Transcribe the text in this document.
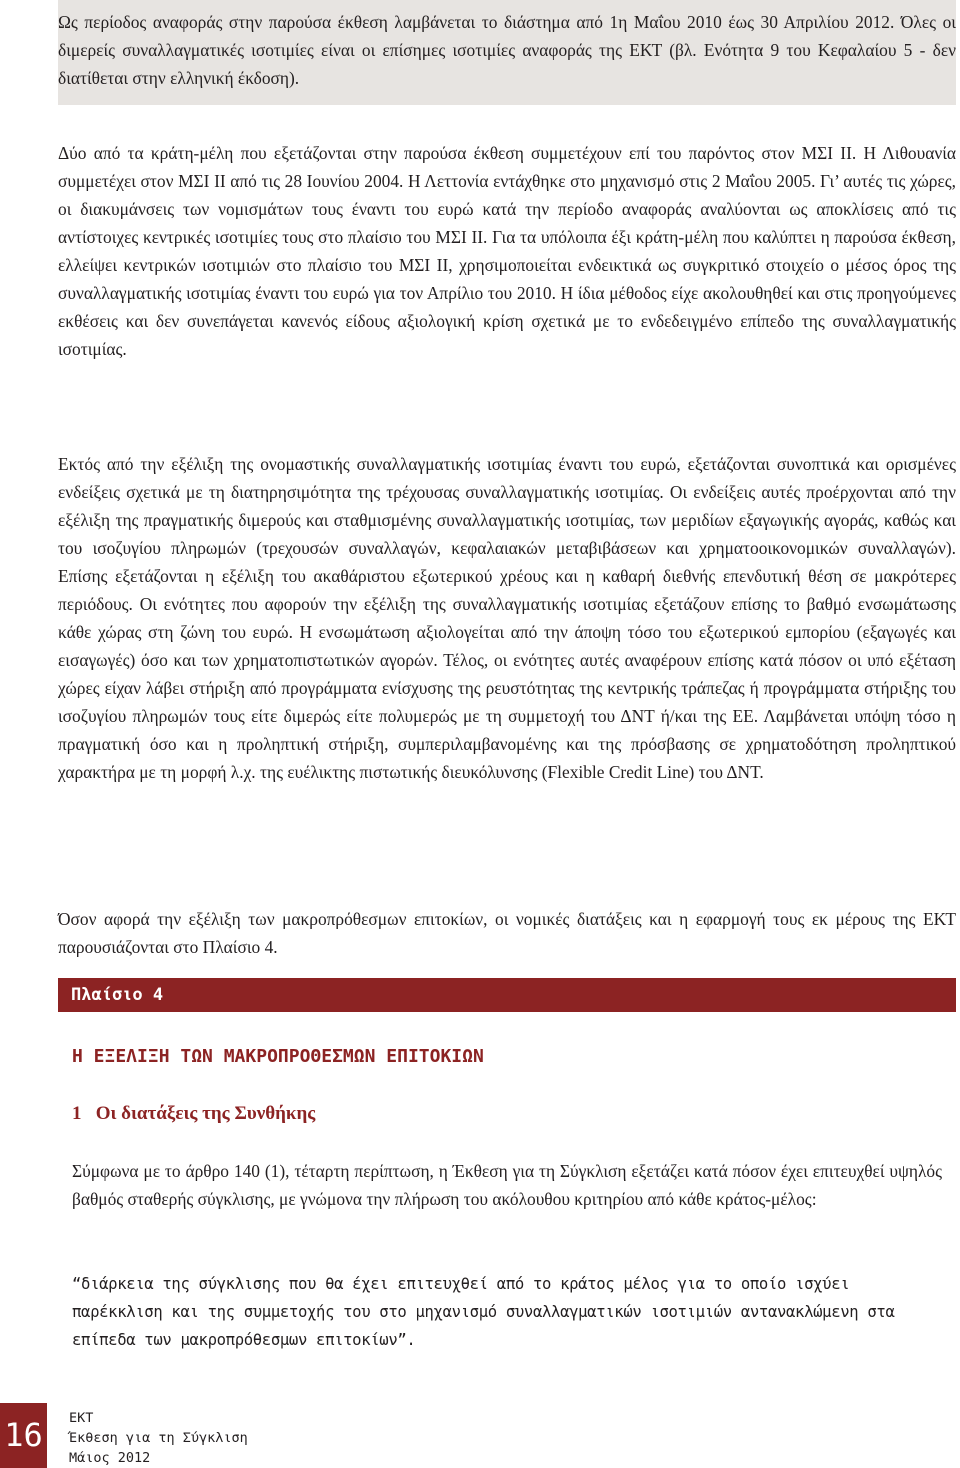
Ως περίοδος αναφοράς στην παρούσα έκθεση λαμβάνεται το διάστημα από 1η Μαΐου 2010 έως 30 Απριλίου 2012. Όλες οι διμερείς συναλλαγματικές ισοτιμίες είναι οι επίσημες ισοτιμίες αναφοράς της ΕΚΤ (βλ. Ενότητα 9 του Κεφαλαίου 5 - δεν διατίθεται στην ελληνική έκδοση).

Δύο από τα κράτη-μέλη που εξετάζονται στην παρούσα έκθεση συμμετέχουν επί του παρόντος στον ΜΣΙ ΙΙ. Η Λιθουανία συμμετέχει στον ΜΣΙ ΙΙ από τις 28 Ιουνίου 2004. Η Λεττονία εντάχθηκε στο μηχανισμό στις 2 Μαΐου 2005. Γι’ αυτές τις χώρες, οι διακυμάνσεις των νομισμάτων τους έναντι του ευρώ κατά την περίοδο αναφοράς αναλύονται ως αποκλίσεις από τις αντίστοιχες κεντρικές ισοτιμίες τους στο πλαίσιο του ΜΣΙ ΙΙ. Για τα υπόλοιπα έξι κράτη-μέλη που καλύπτει η παρούσα έκθεση, ελλείψει κεντρικών ισοτιμιών στο πλαίσιο του ΜΣΙ ΙΙ, χρησιμοποιείται ενδεικτικά ως συγκριτικό στοιχείο ο μέσος όρος της συναλλαγματικής ισοτιμίας έναντι του ευρώ για τον Απρίλιο του 2010. Η ίδια μέθοδος είχε ακολουθηθεί και στις προηγούμενες εκθέσεις και δεν συνεπάγεται κανενός είδους αξιολογική κρίση σχετικά με το ενδεδειγμένο επίπεδο της συναλλαγματικής ισοτιμίας.

Εκτός από την εξέλιξη της ονομαστικής συναλλαγματικής ισοτιμίας έναντι του ευρώ, εξετάζονται συνοπτικά και ορισμένες ενδείξεις σχετικά με τη διατηρησιμότητα της τρέχουσας συναλλαγματικής ισοτιμίας. Οι ενδείξεις αυτές προέρχονται από την εξέλιξη της πραγματικής διμερούς και σταθμισμένης συναλλαγματικής ισοτιμίας, των μεριδίων εξαγωγικής αγοράς, καθώς και του ισοζυγίου πληρωμών (τρεχουσών συναλλαγών, κεφαλαιακών μεταβιβάσεων και χρηματοοικονομικών συναλλαγών). Επίσης εξετάζονται η εξέλιξη του ακαθάριστου εξωτερικού χρέους και η καθαρή διεθνής επενδυτική θέση σε μακρότερες περιόδους. Οι ενότητες που αφορούν την εξέλιξη της συναλλαγματικής ισοτιμίας εξετάζουν επίσης το βαθμό ενσωμάτωσης κάθε χώρας στη ζώνη του ευρώ. Η ενσωμάτωση αξιολογείται από την άποψη τόσο του εξωτερικού εμπορίου (εξαγωγές και εισαγωγές) όσο και των χρηματοπιστωτικών αγορών. Τέλος, οι ενότητες αυτές αναφέρουν επίσης κατά πόσον οι υπό εξέταση χώρες είχαν λάβει στήριξη από προγράμματα ενίσχυσης της ρευστότητας της κεντρικής τράπεζας ή προγράμματα στήριξης του ισοζυγίου πληρωμών τους είτε διμερώς είτε πολυμερώς με τη συμμετοχή του ΔΝΤ ή/και της ΕΕ. Λαμβάνεται υπόψη τόσο η πραγματική όσο και η προληπτική στήριξη, συμπεριλαμβανομένης και της πρόσβασης σε χρηματοδότηση προληπτικού χαρακτήρα με τη μορφή λ.χ. της ευέλικτης πιστωτικής διευκόλυνσης (Flexible Credit Line) του ΔΝΤ.

Όσον αφορά την εξέλιξη των μακροπρόθεσμων επιτοκίων, οι νομικές διατάξεις και η εφαρμογή τους εκ μέρους της ΕΚΤ παρουσιάζονται στο Πλαίσιο 4.

Πλαίσιο 4
Η ΕΞΕΛΙΞΗ ΤΩΝ ΜΑΚΡΟΠΡΟΘΕΣΜΩΝ ΕΠΙΤΟΚΙΩΝ
1 Οι διατάξεις της Συνθήκης

Σύμφωνα με το άρθρο 140 (1), τέταρτη περίπτωση, η Έκθεση για τη Σύγκλιση εξετάζει κατά πόσον έχει επιτευχθεί υψηλός βαθμός σταθερής σύγκλισης, με γνώμονα την πλήρωση του ακόλουθου κριτηρίου από κάθε κράτος-μέλος:

“διάρκεια της σύγκλισης που θα έχει επιτευχθεί από το κράτος μέλος για το οποίο ισχύει παρέκκλιση και της συμμετοχής του στο μηχανισμό συναλλαγματικών ισοτιμιών αντανακλώμενη στα επίπεδα των μακροπρόθεσμων επιτοκίων”.

16	ΕΚΤ
Έκθεση για τη Σύγκλιση
Μάιος 2012
